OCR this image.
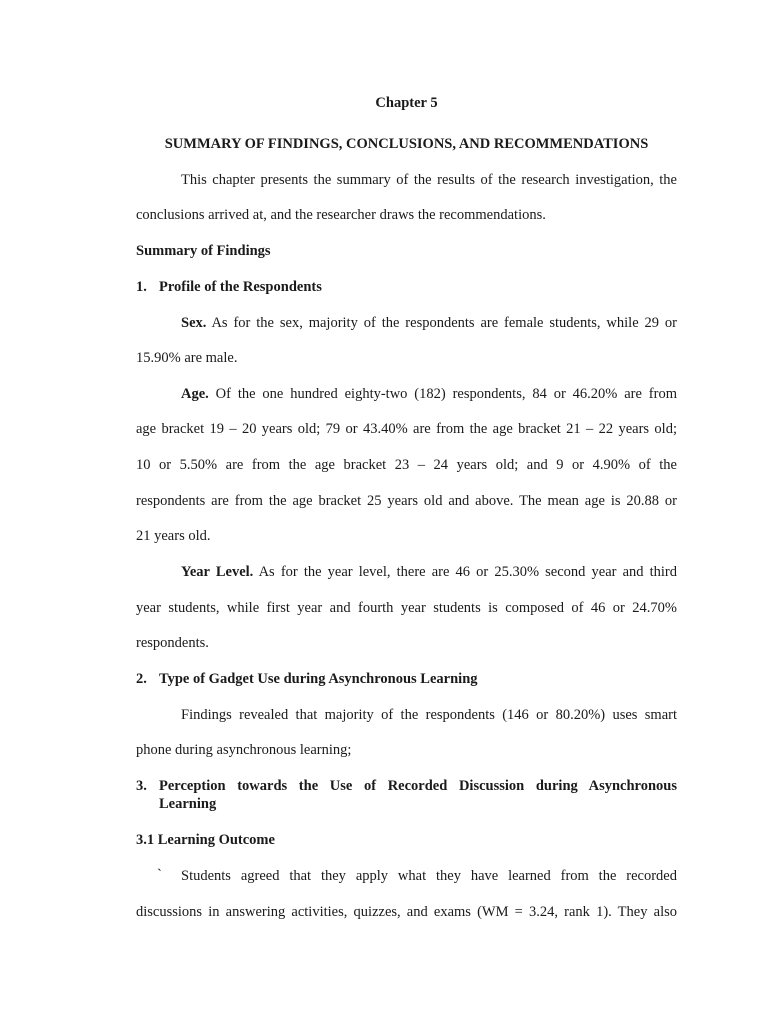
Chapter 5
SUMMARY OF FINDINGS, CONCLUSIONS, AND RECOMMENDATIONS
This chapter presents the summary of the results of the research investigation, the
conclusions arrived at, and the researcher draws the recommendations.
Summary of Findings
1. Profile of the Respondents
Sex. As for the sex, majority of the respondents are female students, while 29 or
15.90% are male.
Age. Of the one hundred eighty-two (182) respondents, 84 or 46.20% are from
age bracket 19 – 20 years old; 79 or 43.40% are from the age bracket 21 – 22 years old;
10 or 5.50% are from the age bracket 23 – 24 years old; and 9 or 4.90% of the
respondents are from the age bracket 25 years old and above. The mean age is 20.88 or
21 years old.
Year Level. As for the year level, there are 46 or 25.30% second year and third
year students, while first year and fourth year students is composed of 46 or 24.70%
respondents.
2. Type of Gadget Use during Asynchronous Learning
Findings revealed that majority of the respondents (146 or 80.20%) uses smart
phone during asynchronous learning;
3. Perception towards the Use of Recorded Discussion during Asynchronous
Learning
3.1 Learning Outcome
` Students agreed that they apply what they have learned from the recorded
discussions in answering activities, quizzes, and exams (WM = 3.24, rank 1). They also
